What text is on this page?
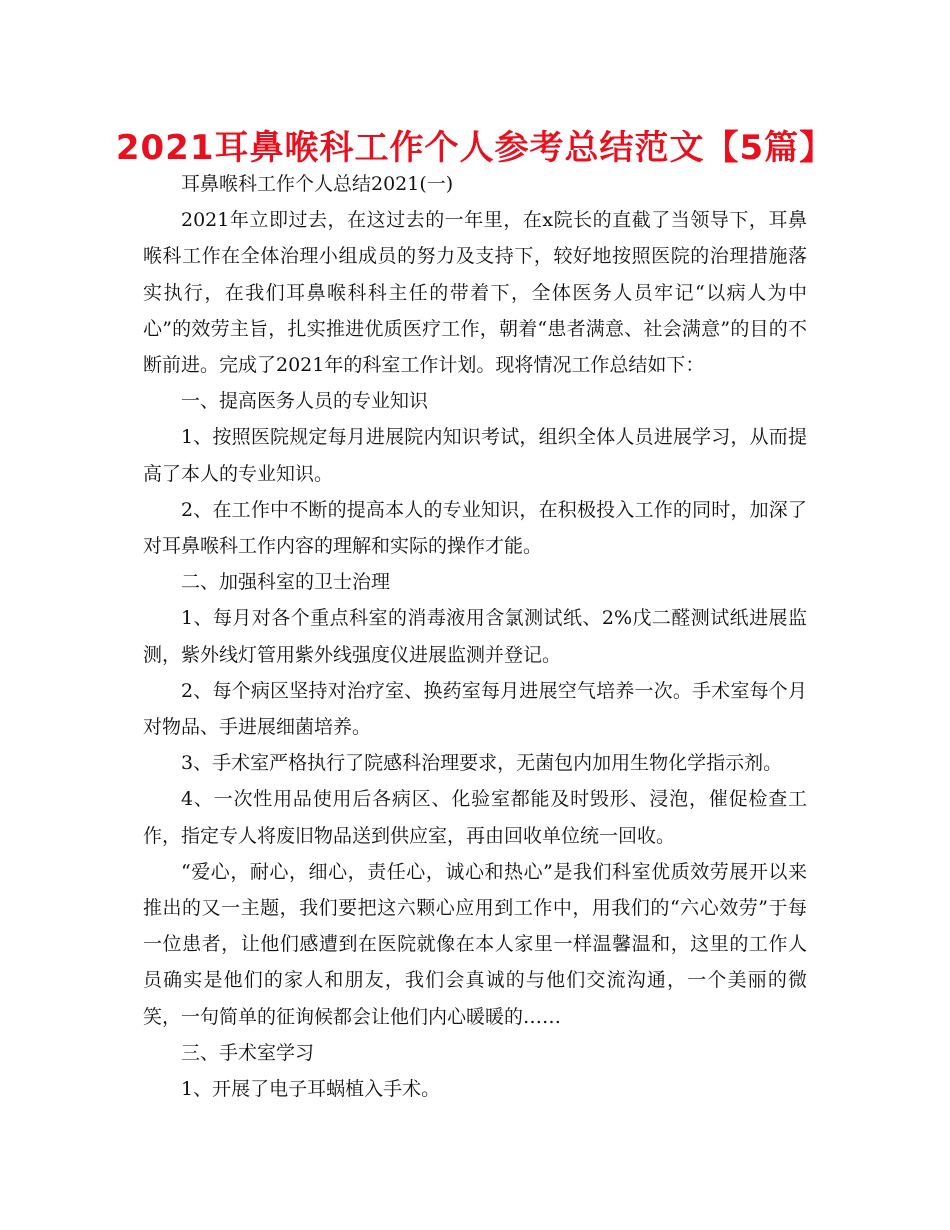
2021耳鼻喉科工作个人参考总结范文【5篇】

耳鼻喉科工作个人总结2021(一)

2021年立即过去，在这过去的一年里，在x院长的直截了当领导下，耳鼻喉科工作在全体治理小组成员的努力及支持下，较好地按照医院的治理措施落实执行，在我们耳鼻喉科科主任的带着下，全体医务人员牢记“以病人为中心”的效劳主旨，扎实推进优质医疗工作，朝着“患者满意、社会满意”的目的不断前进。完成了2021年的科室工作计划。现将情况工作总结如下：

一、提高医务人员的专业知识

1、按照医院规定每月进展院内知识考试，组织全体人员进展学习，从而提高了本人的专业知识。

2、在工作中不断的提高本人的专业知识，在积极投入工作的同时，加深了对耳鼻喉科工作内容的理解和实际的操作才能。

二、加强科室的卫士治理

1、每月对各个重点科室的消毒液用含氯测试纸、2%戊二醛测试纸进展监测，紫外线灯管用紫外线强度仪进展监测并登记。

2、每个病区坚持对治疗室、换药室每月进展空气培养一次。手术室每个月对物品、手进展细菌培养。

3、手术室严格执行了院感科治理要求，无菌包内加用生物化学指示剂。

4、一次性用品使用后各病区、化验室都能及时毁形、浸泡，催促检查工作，指定专人将废旧物品送到供应室，再由回收单位统一回收。

“爱心，耐心，细心，责任心，诚心和热心”是我们科室优质效劳展开以来推出的又一主题，我们要把这六颗心应用到工作中，用我们的“六心效劳”于每一位患者，让他们感遭到在医院就像在本人家里一样温馨温和，这里的工作人员确实是他们的家人和朋友，我们会真诚的与他们交流沟通，一个美丽的微笑，一句简单的征询候都会让他们内心暖暖的……

三、手术室学习

1、开展了电子耳蜗植入手术。
